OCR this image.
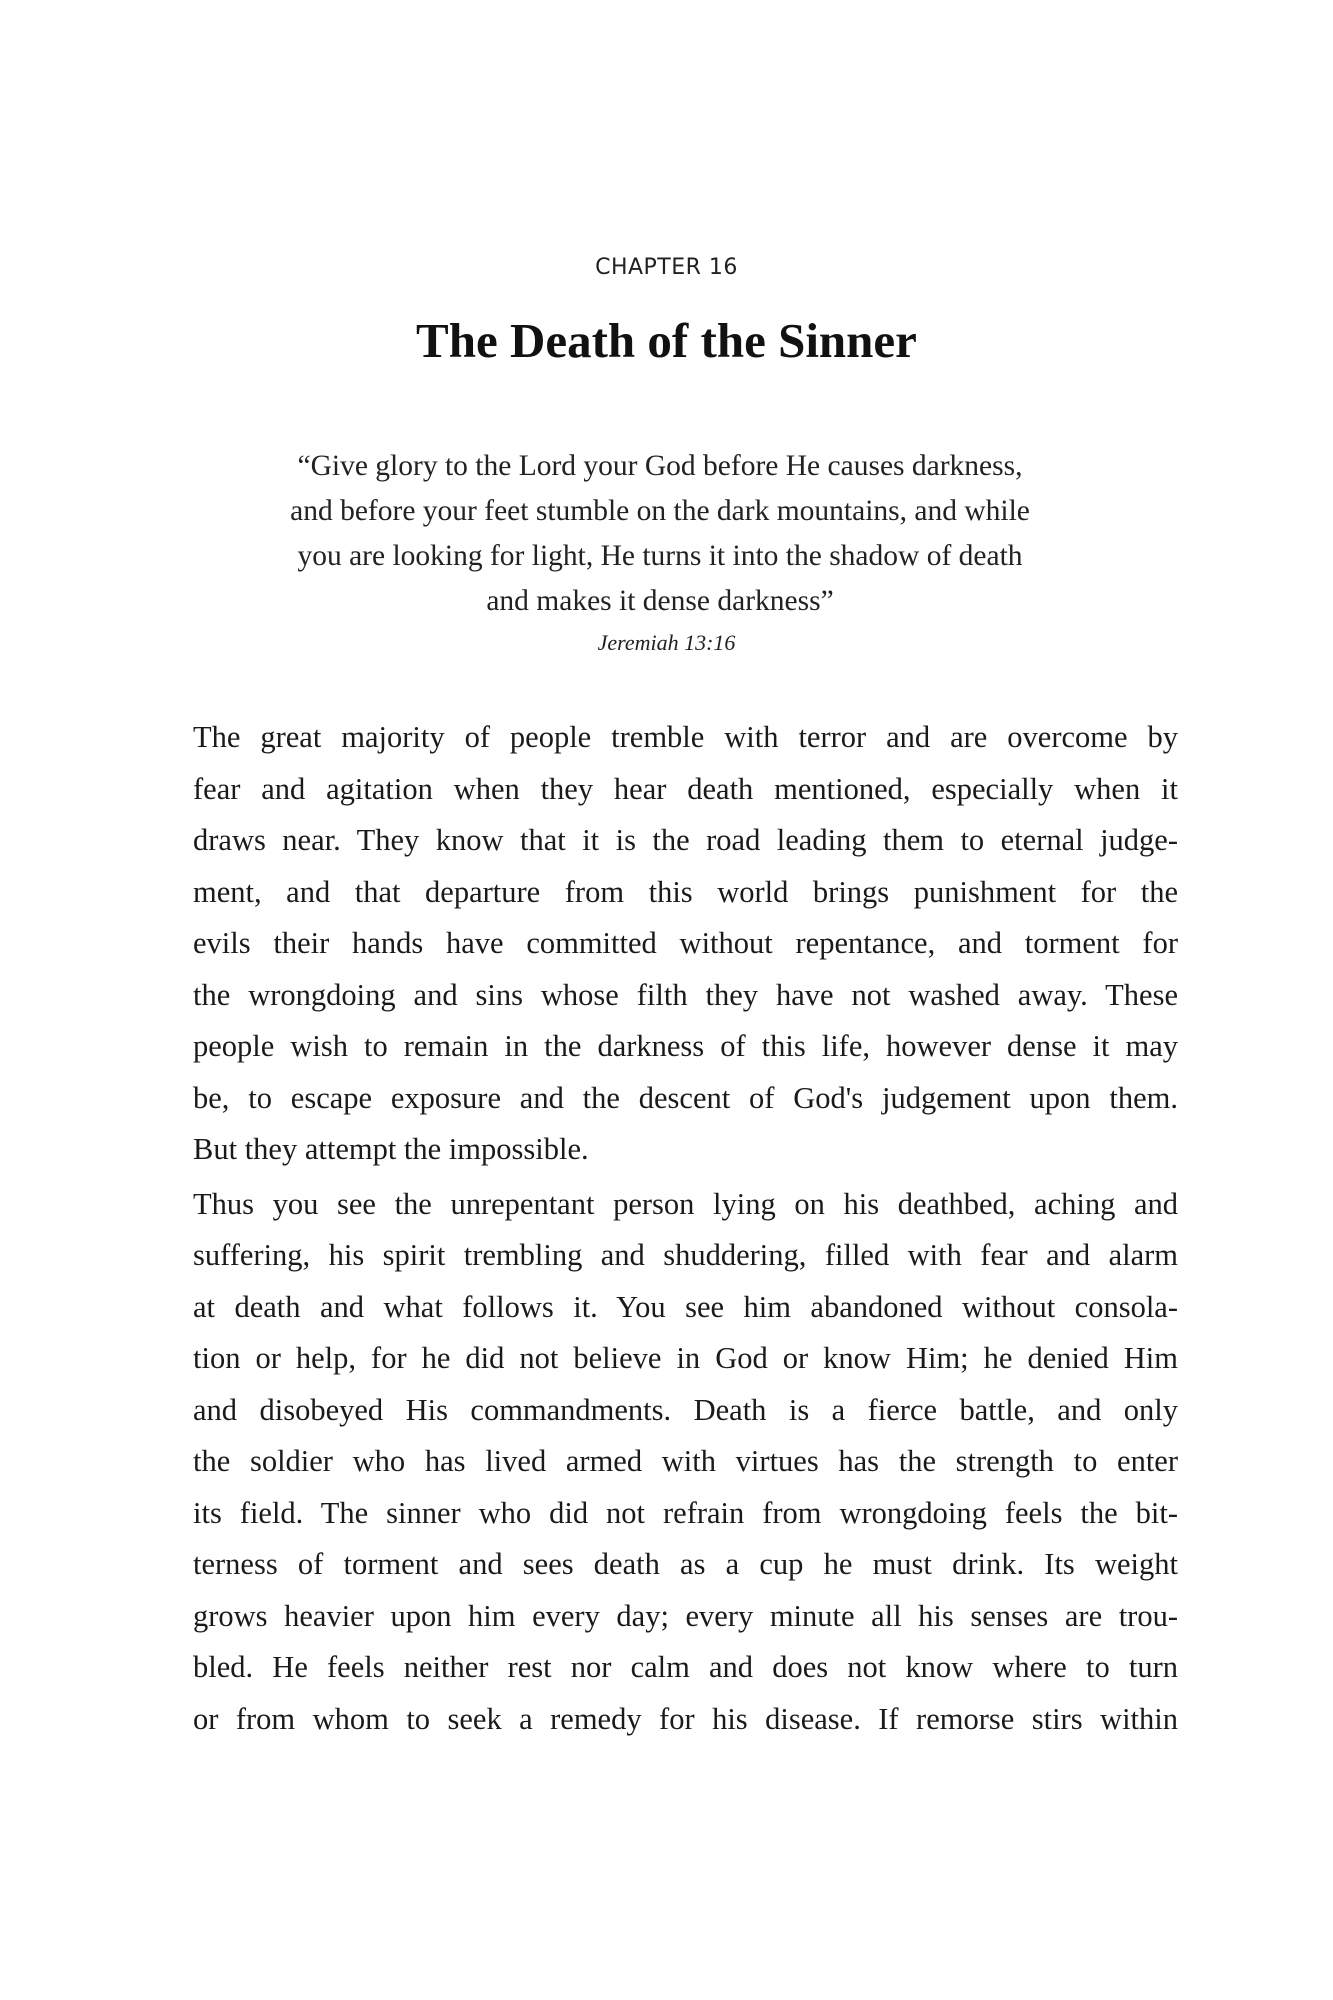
CHAPTER 16
The Death of the Sinner
“Give glory to the Lord your God before He causes darkness,
and before your feet stumble on the dark mountains, and while
you are looking for light, He turns it into the shadow of death
and makes it dense darkness”
Jeremiah 13:16
The great majority of people tremble with terror and are overcome by
fear and agitation when they hear death mentioned, especially when it
draws near. They know that it is the road leading them to eternal judge-
ment, and that departure from this world brings punishment for the
evils their hands have committed without repentance, and torment for
the wrongdoing and sins whose filth they have not washed away. These
people wish to remain in the darkness of this life, however dense it may
be, to escape exposure and the descent of God's judgement upon them.
But they attempt the impossible.
Thus you see the unrepentant person lying on his deathbed, aching and
suffering, his spirit trembling and shuddering, filled with fear and alarm
at death and what follows it. You see him abandoned without consola-
tion or help, for he did not believe in God or know Him; he denied Him
and disobeyed His commandments. Death is a fierce battle, and only
the soldier who has lived armed with virtues has the strength to enter
its field. The sinner who did not refrain from wrongdoing feels the bit-
terness of torment and sees death as a cup he must drink. Its weight
grows heavier upon him every day; every minute all his senses are trou-
bled. He feels neither rest nor calm and does not know where to turn
or from whom to seek a remedy for his disease. If remorse stirs within
